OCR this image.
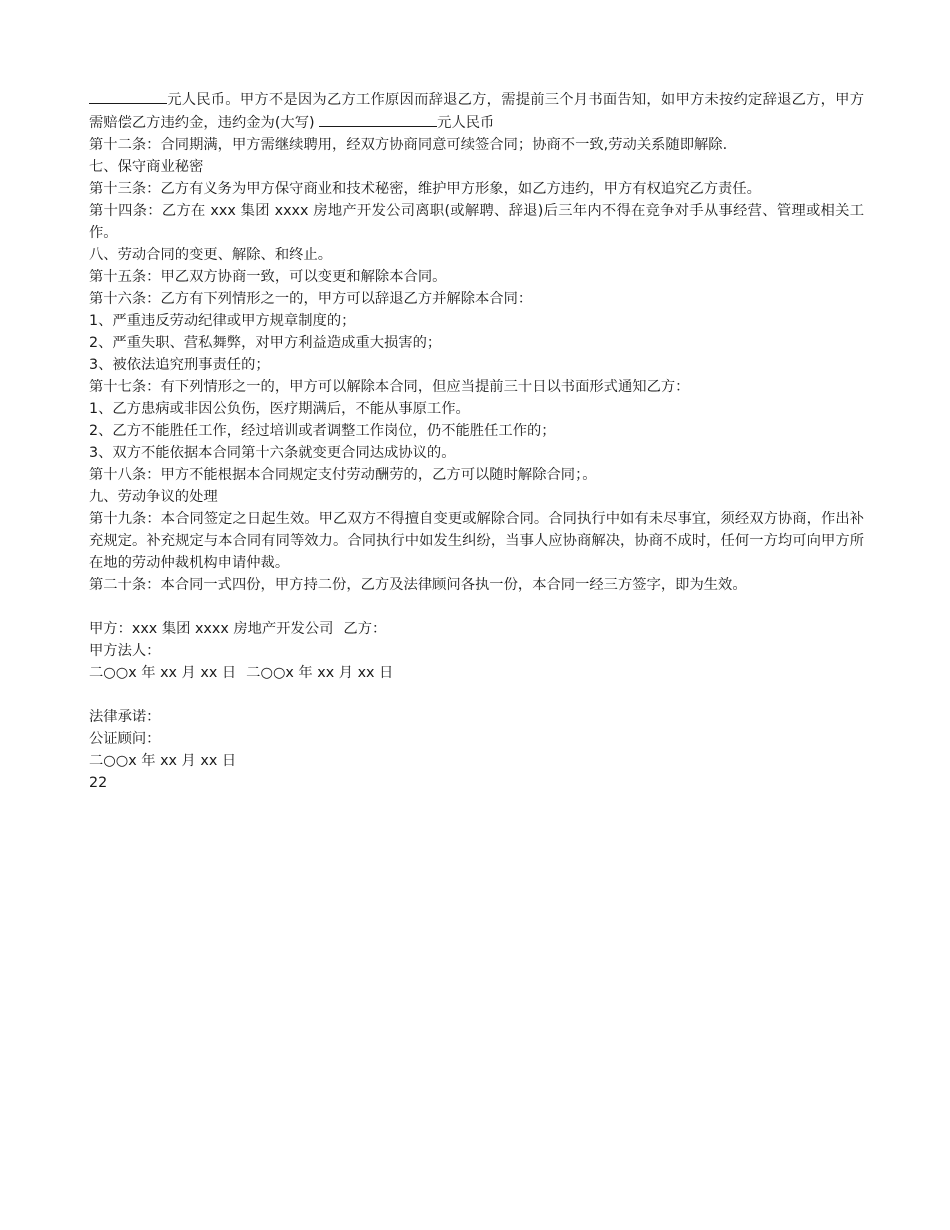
元人民币。甲方不是因为乙方工作原因而辞退乙方，需提前三个月书面告知，如甲方未按约定辞退乙方，甲方需赔偿乙方违约金，违约金为(大写)	元人民币
第十二条：合同期满，甲方需继续聘用，经双方协商同意可续签合同；协商不一致,劳动关系随即解除.
七、保守商业秘密
第十三条：乙方有义务为甲方保守商业和技术秘密，维护甲方形象，如乙方违约，甲方有权追究乙方责任。
第十四条：乙方在 xxx 集团 xxxx 房地产开发公司离职(或解聘、辞退)后三年内不得在竞争对手从事经营、管理或相关工作。
八、劳动合同的变更、解除、和终止。
第十五条：甲乙双方协商一致，可以变更和解除本合同。
第十六条：乙方有下列情形之一的，甲方可以辞退乙方并解除本合同：
1、严重违反劳动纪律或甲方规章制度的；
2、严重失职、营私舞弊，对甲方利益造成重大损害的；
3、被依法追究刑事责任的；
第十七条：有下列情形之一的，甲方可以解除本合同，但应当提前三十日以书面形式通知乙方：
1、乙方患病或非因公负伤，医疗期满后，不能从事原工作。
2、乙方不能胜任工作，经过培训或者调整工作岗位，仍不能胜任工作的；
3、双方不能依据本合同第十六条就变更合同达成协议的。
第十八条：甲方不能根据本合同规定支付劳动酬劳的，乙方可以随时解除合同；。
九、劳动争议的处理
第十九条：本合同签定之日起生效。甲乙双方不得擅自变更或解除合同。合同执行中如有未尽事宜，须经双方协商，作出补充规定。补充规定与本合同有同等效力。合同执行中如发生纠纷，当事人应协商解决，协商不成时，任何一方均可向甲方所在地的劳动仲裁机构申请仲裁。
第二十条：本合同一式四份，甲方持二份，乙方及法律顾问各执一份，本合同一经三方签字，即为生效。
甲方：xxx 集团 xxxx 房地产开发公司 乙方：
甲方法人：
二○○x 年 xx 月 xx 日 二○○x 年 xx 月 xx 日
法律承诺：
公证顾问：
二○○x 年 xx 月 xx 日
22
